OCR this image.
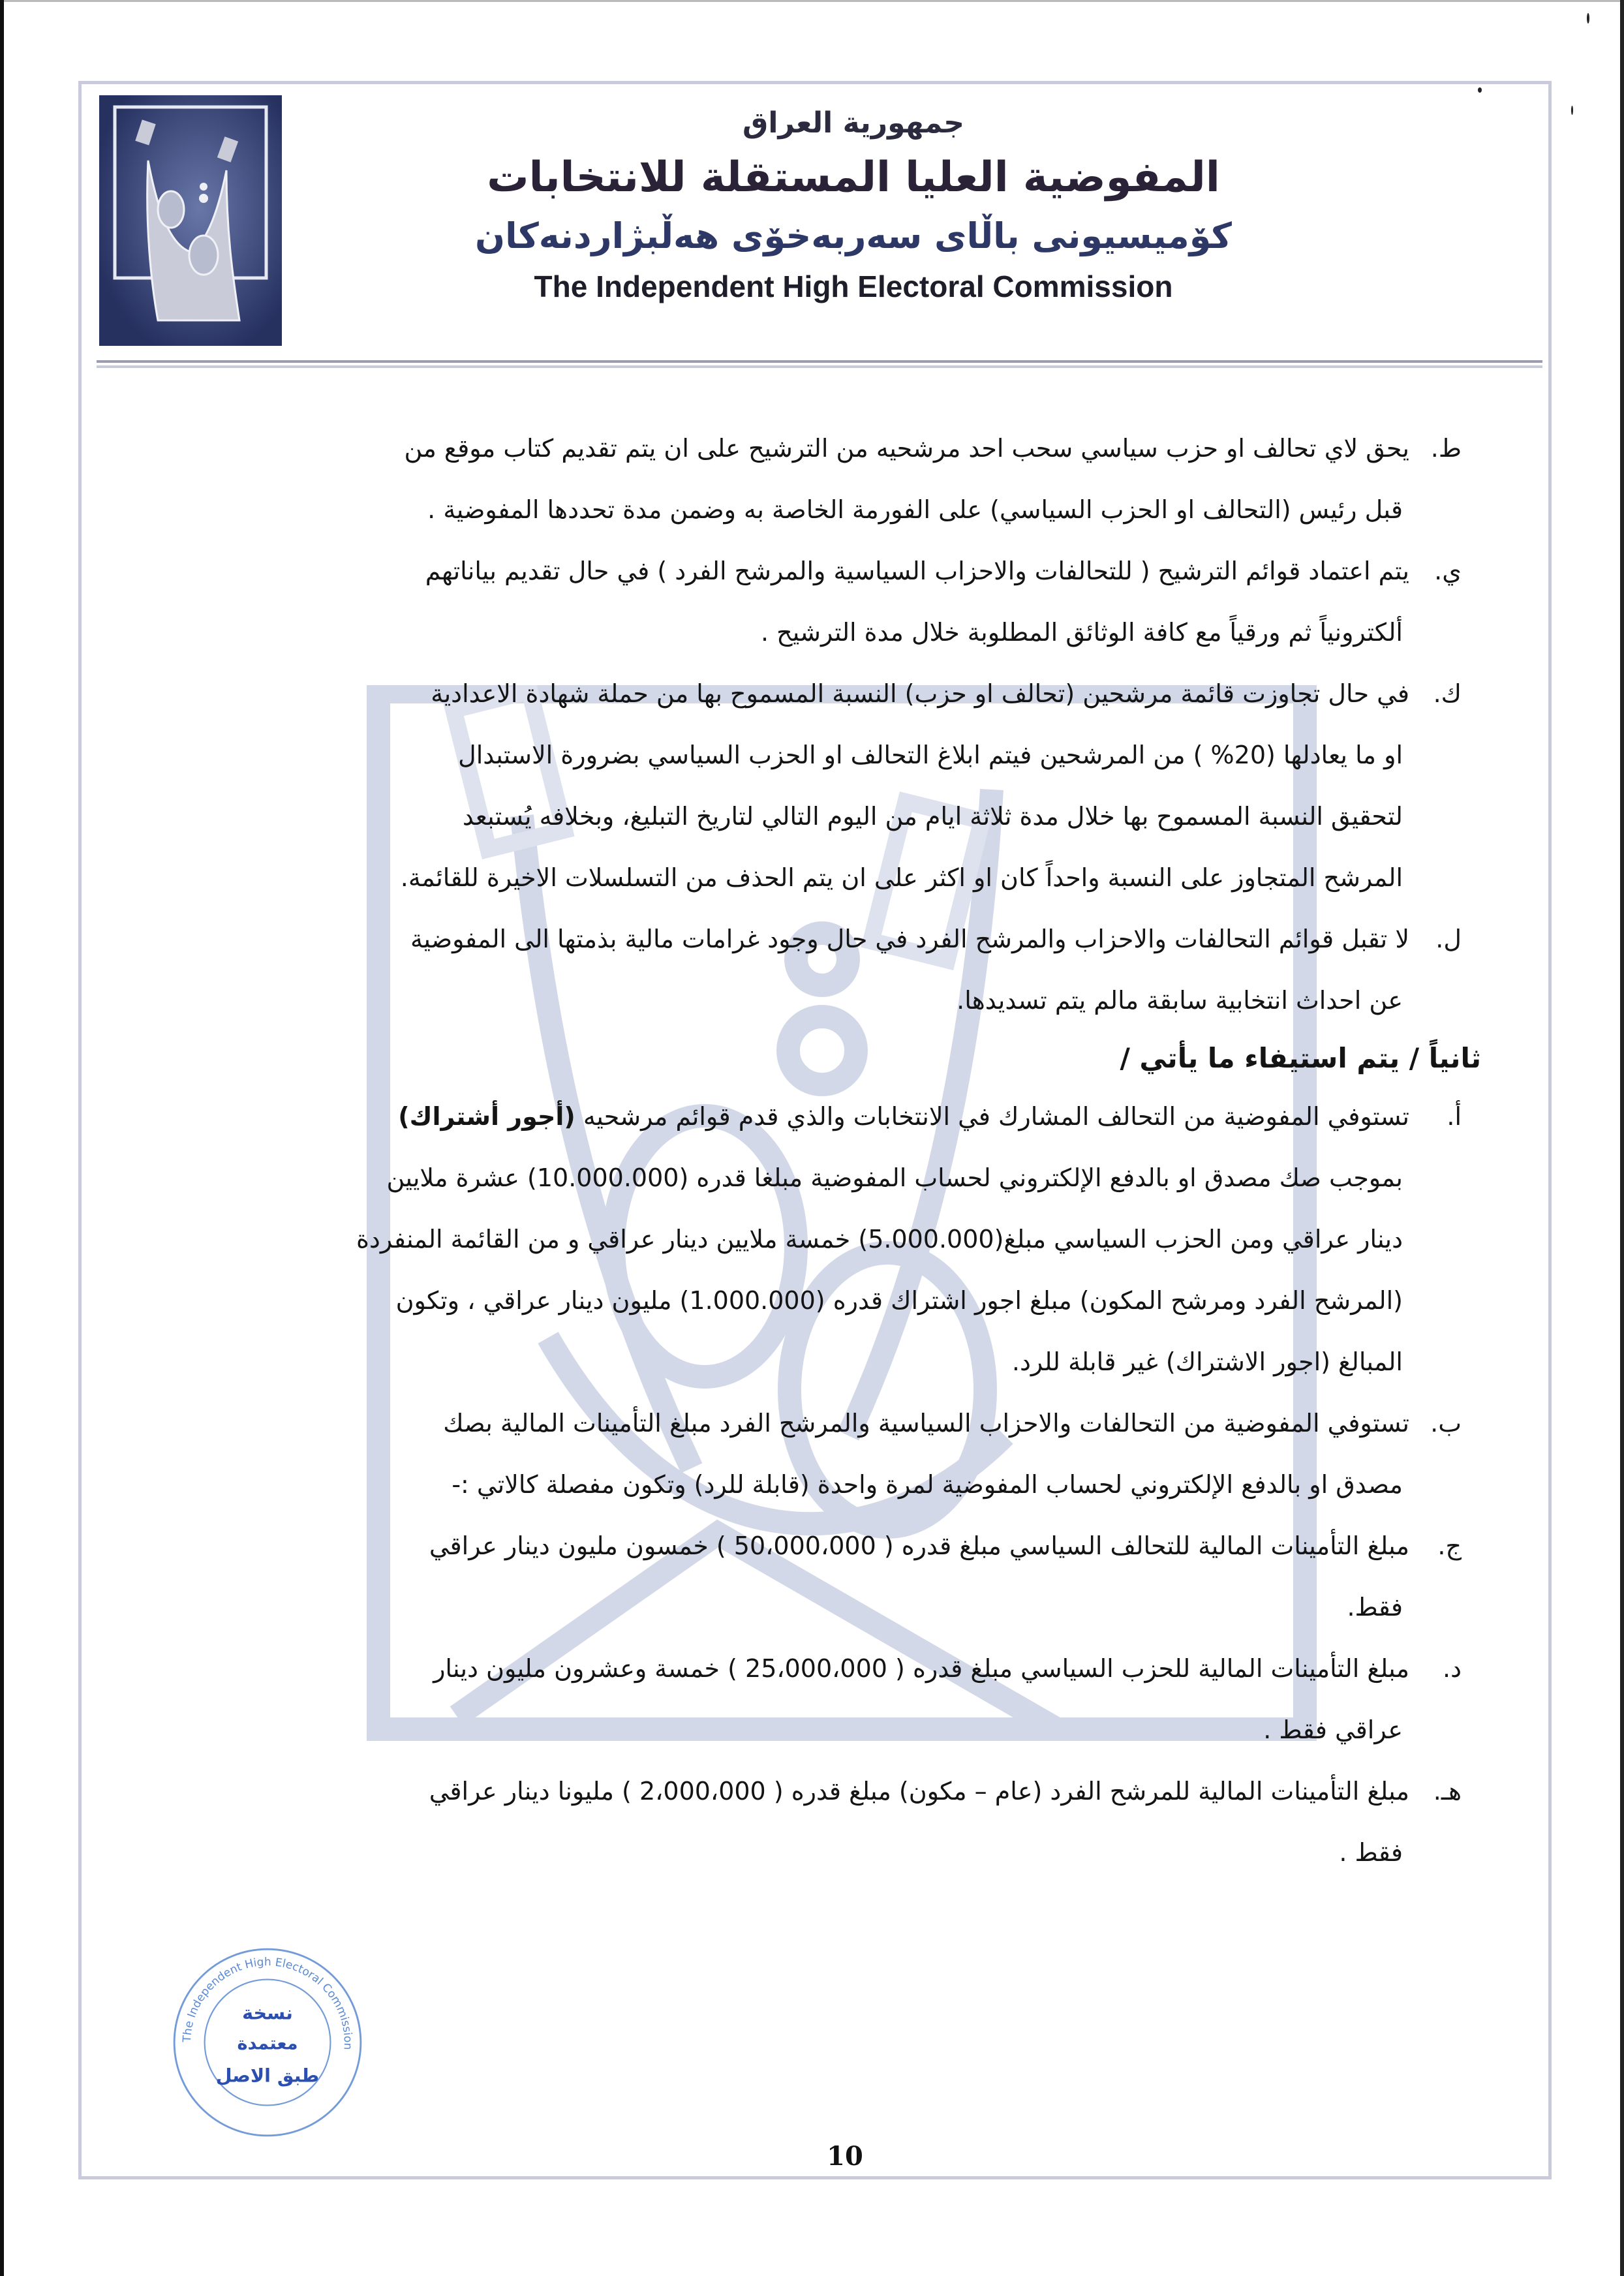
جمهورية العراق
المفوضية العليا المستقلة للانتخابات
كۆميسيونی باڵای سەربەخۆی هەڵبژاردنەکان
The Independent High Electoral Commission
ط.يحق لاي تحالف او حزب سياسي سحب احد مرشحيه من الترشيح على ان يتم تقديم كتاب موقع من
قبل رئيس (التحالف او الحزب السياسي) على الفورمة الخاصة به وضمن مدة تحددها المفوضية .
ي.يتم اعتماد قوائم الترشيح ( للتحالفات والاحزاب السياسية والمرشح الفرد ) في حال تقديم بياناتهم
ألكترونياً ثم ورقياً مع كافة الوثائق المطلوبة خلال مدة الترشيح .
ك.في حال تجاوزت قائمة مرشحين (تحالف او حزب) النسبة المسموح بها من حملة شهادة الاعدادية
او ما يعادلها (20% ) من المرشحين فيتم ابلاغ التحالف او الحزب السياسي بضرورة الاستبدال
لتحقيق النسبة المسموح بها خلال مدة ثلاثة ايام من اليوم التالي لتاريخ التبليغ، وبخلافه يُستبعد
المرشح المتجاوز على النسبة واحداً كان او اكثر على ان يتم الحذف من التسلسلات الاخيرة للقائمة.
ل.لا تقبل قوائم التحالفات والاحزاب والمرشح الفرد في حال وجود غرامات مالية بذمتها الى المفوضية
عن احداث انتخابية سابقة مالم يتم تسديدها.
ثانياً / يتم استيفاء ما يأتي /
أ.تستوفي المفوضية من التحالف المشارك في الانتخابات والذي قدم قوائم مرشحيه (أجور أشتراك)
بموجب صك مصدق او بالدفع الإلكتروني لحساب المفوضية مبلغا قدره (10.000.000) عشرة ملايين
دينار عراقي ومن الحزب السياسي مبلغ(5.000.000) خمسة ملايين دينار عراقي و من القائمة المنفردة
(المرشح الفرد ومرشح المكون) مبلغ اجور اشتراك قدره (1.000.000) مليون دينار عراقي ، وتكون
المبالغ (اجور الاشتراك) غير قابلة للرد.
ب.تستوفي المفوضية من التحالفات والاحزاب السياسية والمرشح الفرد مبلغ التأمينات المالية بصك
مصدق او بالدفع الإلكتروني لحساب المفوضية لمرة واحدة (قابلة للرد) وتكون مفصلة كالاتي :-
ج.مبلغ التأمينات المالية للتحالف السياسي مبلغ قدره ( 50،000،000 ) خمسون مليون دينار عراقي
فقط.
د.مبلغ التأمينات المالية للحزب السياسي مبلغ قدره ( 25،000،000 ) خمسة وعشرون مليون دينار
عراقي فقط .
هـ.مبلغ التأمينات المالية للمرشح الفرد (عام – مكون) مبلغ قدره ( 2،000،000 ) مليونا دينار عراقي
فقط .
The Independent High Electoral Commission
نسخة
معتمدة
طبق الاصل
10
